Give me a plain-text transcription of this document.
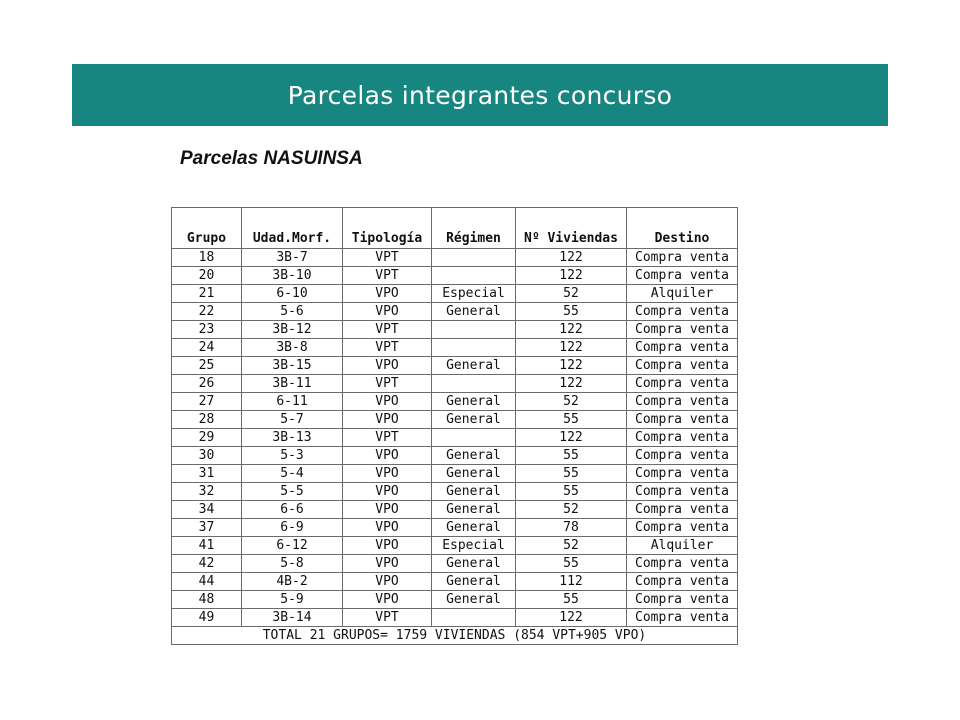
Parcelas integrantes concurso
Parcelas NASUINSA
Grupo	Udad.Morf.	Tipología	Régimen	Nº Viviendas	Destino
18	3B-7	VPT		122	Compra venta
20	3B-10	VPT		122	Compra venta
21	6-10	VPO	Especial	52	Alquiler
22	5-6	VPO	General	55	Compra venta
23	3B-12	VPT		122	Compra venta
24	3B-8	VPT		122	Compra venta
25	3B-15	VPO	General	122	Compra venta
26	3B-11	VPT		122	Compra venta
27	6-11	VPO	General	52	Compra venta
28	5-7	VPO	General	55	Compra venta
29	3B-13	VPT		122	Compra venta
30	5-3	VPO	General	55	Compra venta
31	5-4	VPO	General	55	Compra venta
32	5-5	VPO	General	55	Compra venta
34	6-6	VPO	General	52	Compra venta
37	6-9	VPO	General	78	Compra venta
41	6-12	VPO	Especial	52	Alquiler
42	5-8	VPO	General	55	Compra venta
44	4B-2	VPO	General	112	Compra venta
48	5-9	VPO	General	55	Compra venta
49	3B-14	VPT		122	Compra venta
TOTAL 21 GRUPOS= 1759 VIVIENDAS (854 VPT+905 VPO)					
